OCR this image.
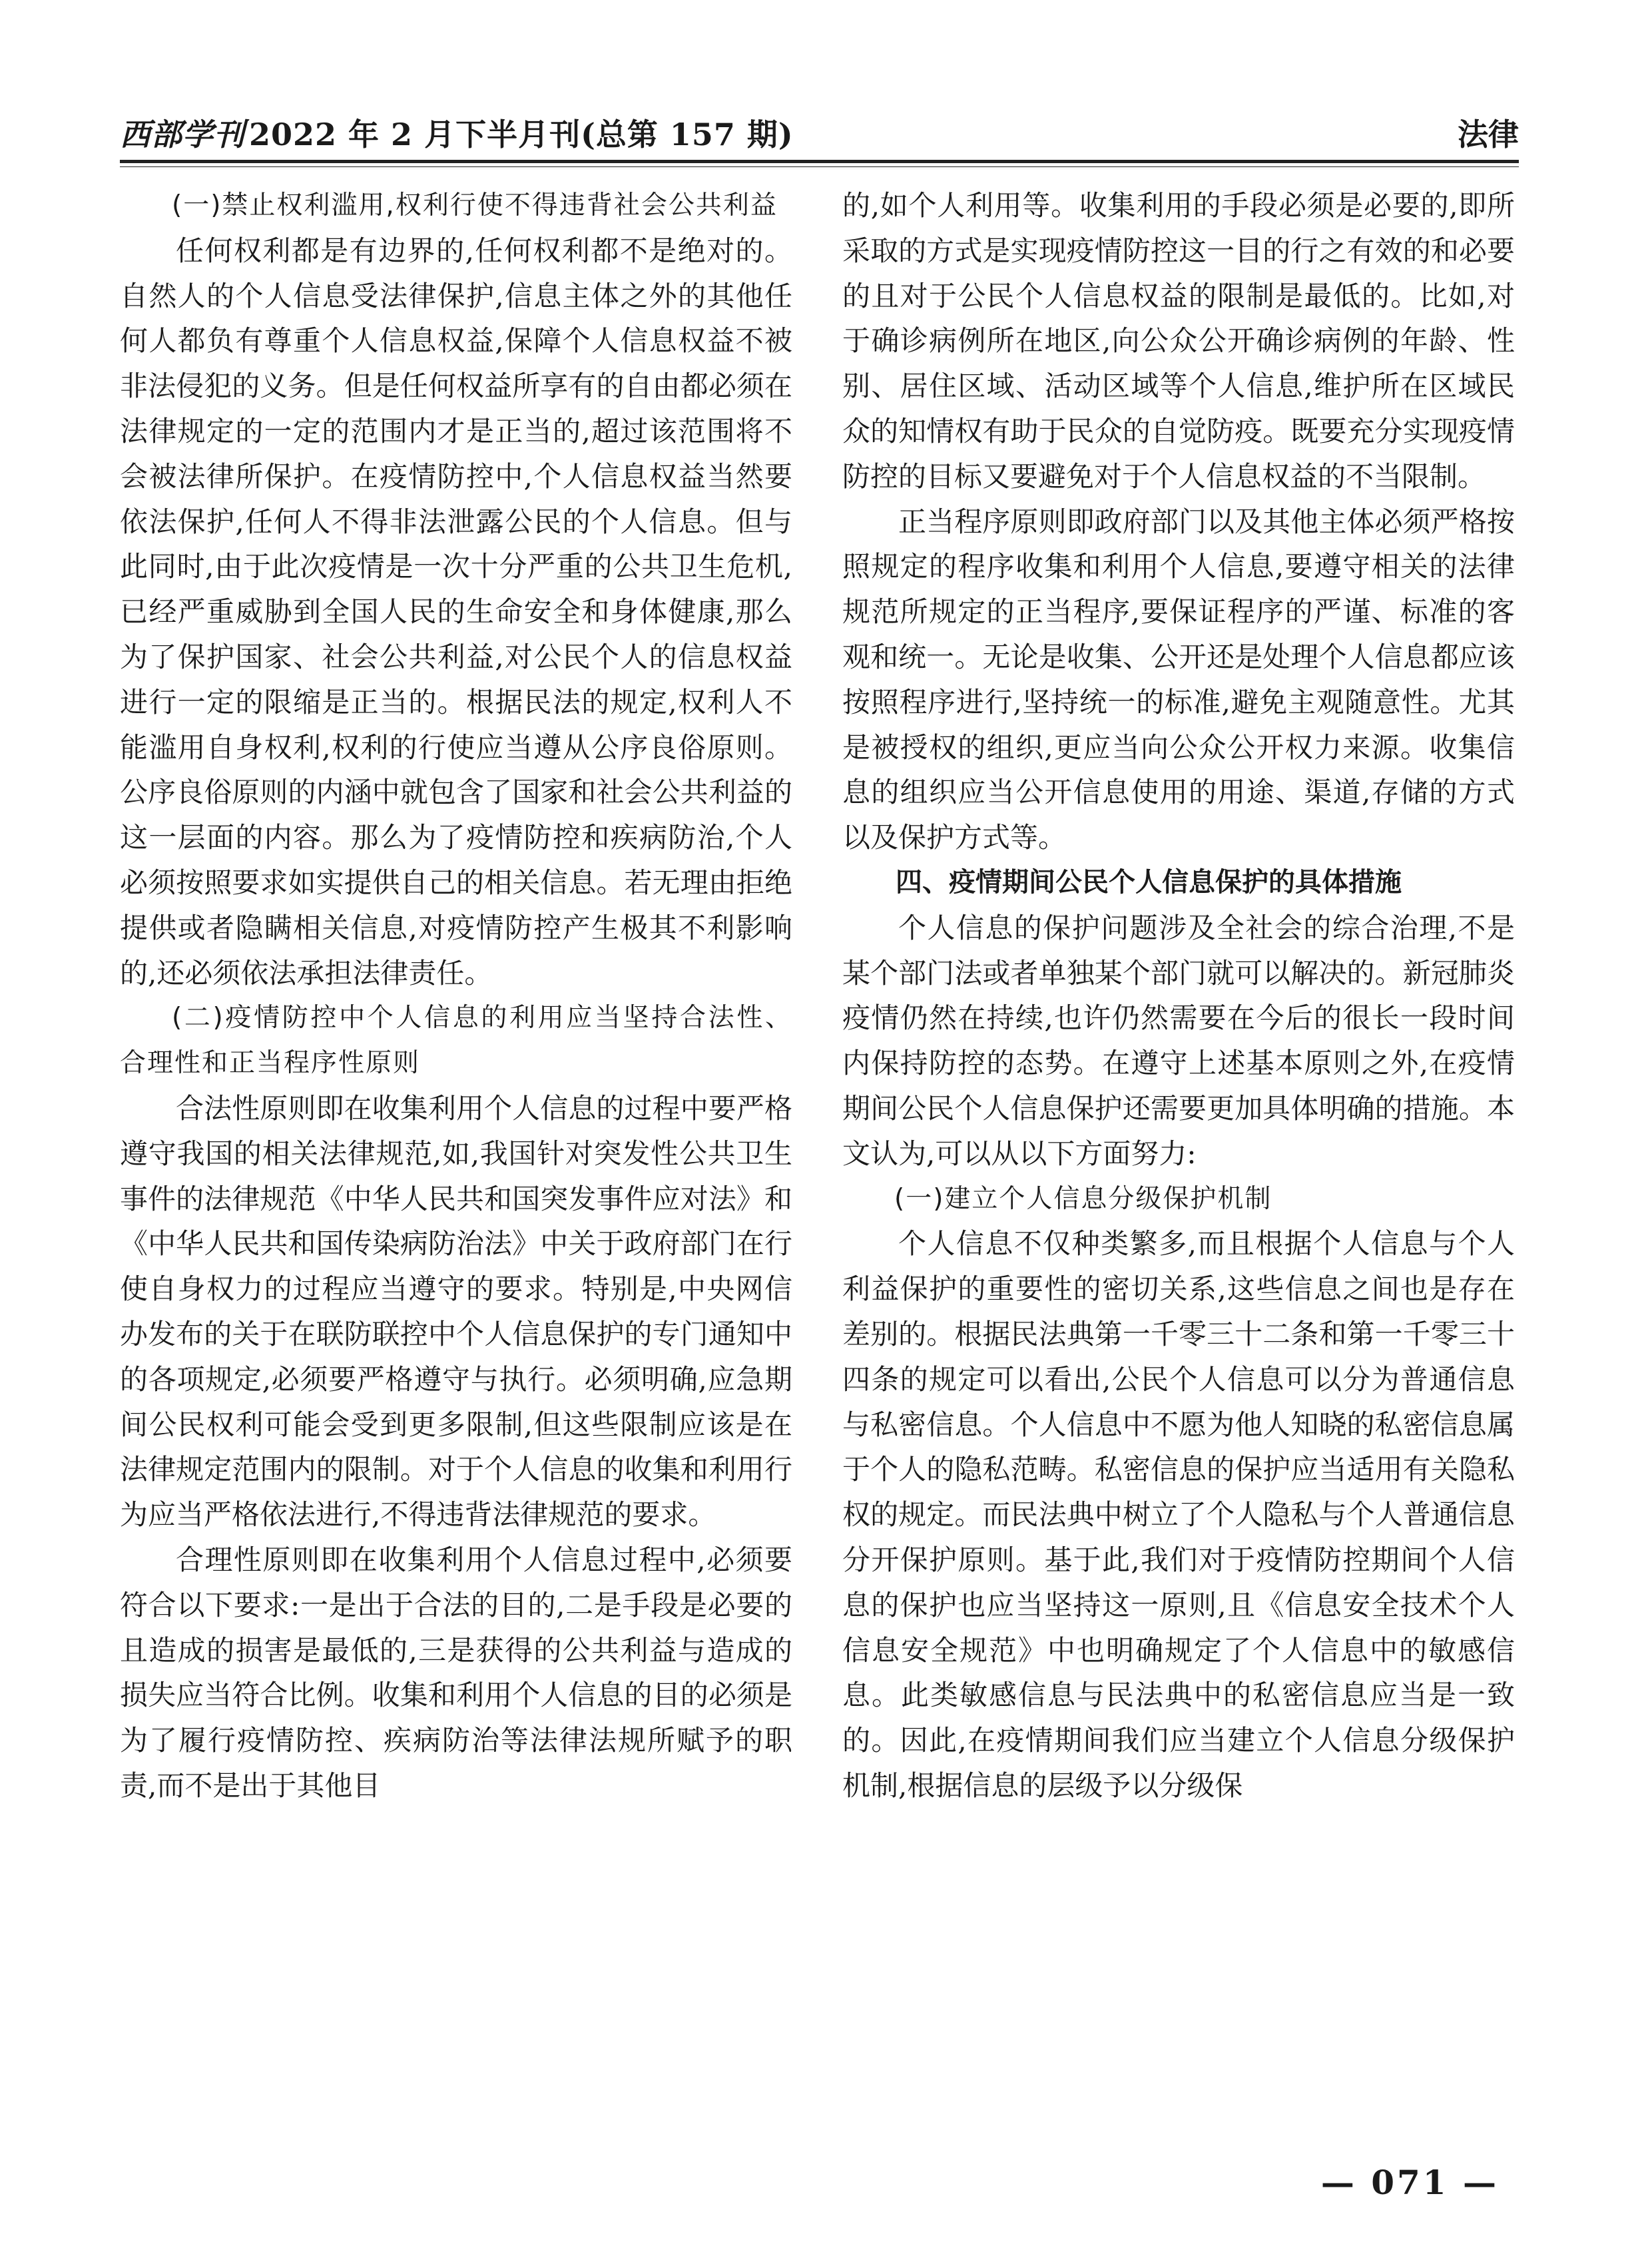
西部学刊 2022 年 2 月下半月刊(总第 157 期)	法律

(一)禁止权利滥用,权利行使不得违背社会公共利益

任何权利都是有边界的,任何权利都不是绝对的。自然人的个人信息受法律保护,信息主体之外的其他任何人都负有尊重个人信息权益,保障个人信息权益不被非法侵犯的义务。但是任何权益所享有的自由都必须在法律规定的一定的范围内才是正当的,超过该范围将不会被法律所保护。在疫情防控中,个人信息权益当然要依法保护,任何人不得非法泄露公民的个人信息。但与此同时,由于此次疫情是一次十分严重的公共卫生危机,已经严重威胁到全国人民的生命安全和身体健康,那么为了保护国家、社会公共利益,对公民个人的信息权益进行一定的限缩是正当的。根据民法的规定,权利人不能滥用自身权利,权利的行使应当遵从公序良俗原则。公序良俗原则的内涵中就包含了国家和社会公共利益的这一层面的内容。那么为了疫情防控和疾病防治,个人必须按照要求如实提供自己的相关信息。若无理由拒绝提供或者隐瞒相关信息,对疫情防控产生极其不利影响的,还必须依法承担法律责任。

(二)疫情防控中个人信息的利用应当坚持合法性、合理性和正当程序性原则

合法性原则即在收集利用个人信息的过程中要严格遵守我国的相关法律规范,如,我国针对突发性公共卫生事件的法律规范《中华人民共和国突发事件应对法》和《中华人民共和国传染病防治法》中关于政府部门在行使自身权力的过程应当遵守的要求。特别是,中央网信办发布的关于在联防联控中个人信息保护的专门通知中的各项规定,必须要严格遵守与执行。必须明确,应急期间公民权利可能会受到更多限制,但这些限制应该是在法律规定范围内的限制。对于个人信息的收集和利用行为应当严格依法进行,不得违背法律规范的要求。

合理性原则即在收集利用个人信息过程中,必须要符合以下要求:一是出于合法的目的,二是手段是必要的且造成的损害是最低的,三是获得的公共利益与造成的损失应当符合比例。收集和利用个人信息的目的必须是为了履行疫情防控、疾病防治等法律法规所赋予的职责,而不是出于其他目

的,如个人利用等。收集利用的手段必须是必要的,即所采取的方式是实现疫情防控这一目的行之有效的和必要的且对于公民个人信息权益的限制是最低的。比如,对于确诊病例所在地区,向公众公开确诊病例的年龄、性别、居住区域、活动区域等个人信息,维护所在区域民众的知情权有助于民众的自觉防疫。既要充分实现疫情防控的目标又要避免对于个人信息权益的不当限制。

正当程序原则即政府部门以及其他主体必须严格按照规定的程序收集和利用个人信息,要遵守相关的法律规范所规定的正当程序,要保证程序的严谨、标准的客观和统一。无论是收集、公开还是处理个人信息都应该按照程序进行,坚持统一的标准,避免主观随意性。尤其是被授权的组织,更应当向公众公开权力来源。收集信息的组织应当公开信息使用的用途、渠道,存储的方式以及保护方式等。

四、疫情期间公民个人信息保护的具体措施

个人信息的保护问题涉及全社会的综合治理,不是某个部门法或者单独某个部门就可以解决的。新冠肺炎疫情仍然在持续,也许仍然需要在今后的很长一段时间内保持防控的态势。在遵守上述基本原则之外,在疫情期间公民个人信息保护还需要更加具体明确的措施。本文认为,可以从以下方面努力:

(一)建立个人信息分级保护机制

个人信息不仅种类繁多,而且根据个人信息与个人利益保护的重要性的密切关系,这些信息之间也是存在差别的。根据民法典第一千零三十二条和第一千零三十四条的规定可以看出,公民个人信息可以分为普通信息与私密信息。个人信息中不愿为他人知晓的私密信息属于个人的隐私范畴。私密信息的保护应当适用有关隐私权的规定。而民法典中树立了个人隐私与个人普通信息分开保护原则。基于此,我们对于疫情防控期间个人信息的保护也应当坚持这一原则,且《信息安全技术个人信息安全规范》中也明确规定了个人信息中的敏感信息。此类敏感信息与民法典中的私密信息应当是一致的。因此,在疫情期间我们应当建立个人信息分级保护机制,根据信息的层级予以分级保

— 071 —
